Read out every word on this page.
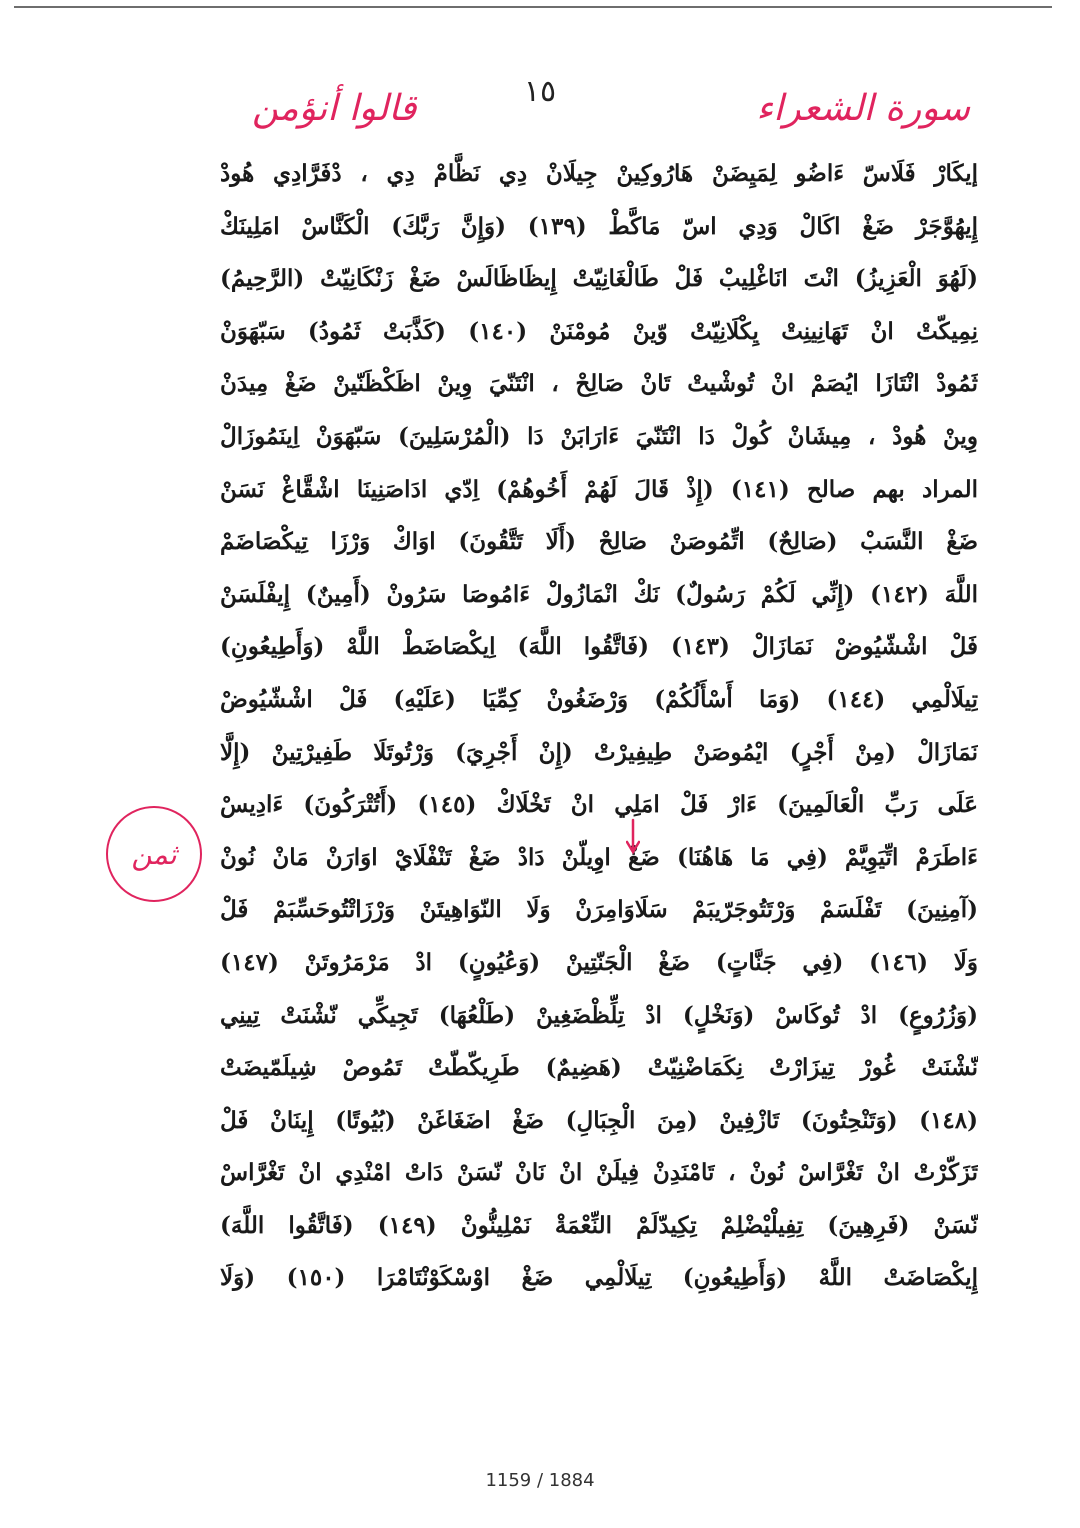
١٥	سورة الشعراء
قالوا أنؤمن
إيكَارْ فَلَاسّ ءَاضُو لِمَيِضَنْ هَارُوكِينْ جِيلَانْ دِي نَظَّامْ دِي ، دْفَرَّادِي هُودْ
إِيهُوَّجَرْ ضَغْ اكَالْ وَدِي اسّ مَاكَّطْ (١٣٩) (وَإِنَّ رَبَّكَ) الْكَنَّاسْ امَلِينَكْ
(لَهُوَ الْعَزِيزُ) انْتَ انَاغْلِيبْ فَلْ طَالْغَانِيّتْ إِيظَاظَالَسْ ضَغْ زَنْكَانِيّتْ (الرَّحِيمُ)
نِمِيكّتْ انْ تَهَانِينِتْ يِكْلَانِيّتْ وّينْ مُومْنَنْ (١٤٠) (كَذَّبَتْ ثَمُودُ) سَبّهَوَنْ
ثَمُودْ انْتَازَا ايُصَمْ انْ تُوشْيتْ تَانْ صَالِحْ ، انْتَنّيَ وِينْ اظَكْظَنّينْ ضَغْ مِيدَنْ
وِينْ هُودْ ، مِيشَانْ كُولْ دَا انْتَنّيَ ءَارَابَنْ دَا (الْمُرْسَلِينَ) سَبّهَوَنْ اِينَمُوزَالْ
المراد بهم صالح (١٤١) (إِذْ قَالَ لَهُمْ أَخُوهُمْ) اِدّي ادَاصَنِينَا اشْقَّاغْ نَسَنْ
ضَغْ النَّسَبْ (صَالِحٌ) اتِّمُوصَنْ صَالِحْ (أَلَا تَتَّقُونَ) اوَاكْ وَرْزَا تِيكْصَاضَمْ
اللَّهَ (١٤٢) (إِنِّي لَكُمْ رَسُولٌ) نَكْ انْمَازُولْ ءَامُوصَا سَرُونْ (أَمِينٌ) إِيفْلَسَنْ
فَلْ اشْشّيُوضْ نَمَازَالْ (١٤٣) (فَاتَّقُوا اللَّهَ) اِيكْصَاضَطْ اللَّهْ (وَأَطِيعُونِ)
تِيلَالْمِي (١٤٤) (وَمَا أَسْأَلُكُمْ) وَرْضَغُونْ كِمِّيَا (عَلَيْهِ) فَلْ اشْشّيُوضْ
نَمَازَالْ (مِنْ أَجْرٍ) ايْمُوصَنْ طِيفِيرْتْ (إِنْ أَجْرِيَ) وَرْتُوتَلَا طَفِيرْتِينْ (إِلَّا
عَلَى رَبِّ الْعَالَمِينَ) ءَارْ فَلْ امَلِي انْ تَخْلَاكْ (١٤٥) (أَتُتْرَكُونَ) ءَادِيسْ
ءَاطَرَمْ اتِّيَوِيَّمْ (فِي مَا هَاهُنَا) ضَغْ اوِيلّنْ دَادْ ضَغْ تَنْفْلَايْ اوَارَنْ مَانْ نُونْ
(آمِنِينَ) تَفْلَسَمْ وَرْتَتُوجَرّيبَمْ سَلَاوَامِرَنْ وَلَا النّوَاهِيتَنْ وَرْزَاتْتُوحَسِّبَمْ فَلْ
وَلَا (١٤٦) (فِي جَنَّاتٍ) ضَغْ الْجَنّتِينْ (وَعُيُونٍ) ادْ مَرْمَرُوتَنْ (١٤٧)
(وَزُرُوعٍ) ادْ تُوكَاسْ (وَنَخْلٍ) ادْ تِلِّظْضَغِينْ (طَلْعُهَا) تَجِيكِّي نّشْنَتْ تِينِي
نّشْنَتْ غُورْ تِيزَارْتْ نِكَمَاضْنِيّتْ (هَضِيمٌ) طَرِيكّطّتْ تَمُوصْ شِيلَمّيضَتْ
(١٤٨) (وَتَنْحِتُونَ) تَازْفِينْ (مِنَ الْجِبَالِ) ضَغْ اضَغَاغَنْ (بُيُوتًا) إِينَانْ فَلْ
تَزَكّرْتْ انْ تَغْرَّاسْ نُونْ ، تَامْنَدِنْ فِيلَنْ انْ نَانْ نّسَنْ دَاتْ امْنْدِي انْ تَغْرَّاسْ
نّسَنْ (فَرِهِينَ) تِفِيلْيْضْلِمْ تِكِيدّلَمْ النِّعْمَةْ نَمْلِينُّونْ (١٤٩) (فَاتَّقُوا اللَّهَ)
إِيكْصَاضَتْ اللَّهْ (وَأَطِيعُونِ) تِيلَالْمِي ضَغْ اوْسْكَوْنْتَامْرَا (١٥٠) (وَلَا
ثمن
1159 / 1884
